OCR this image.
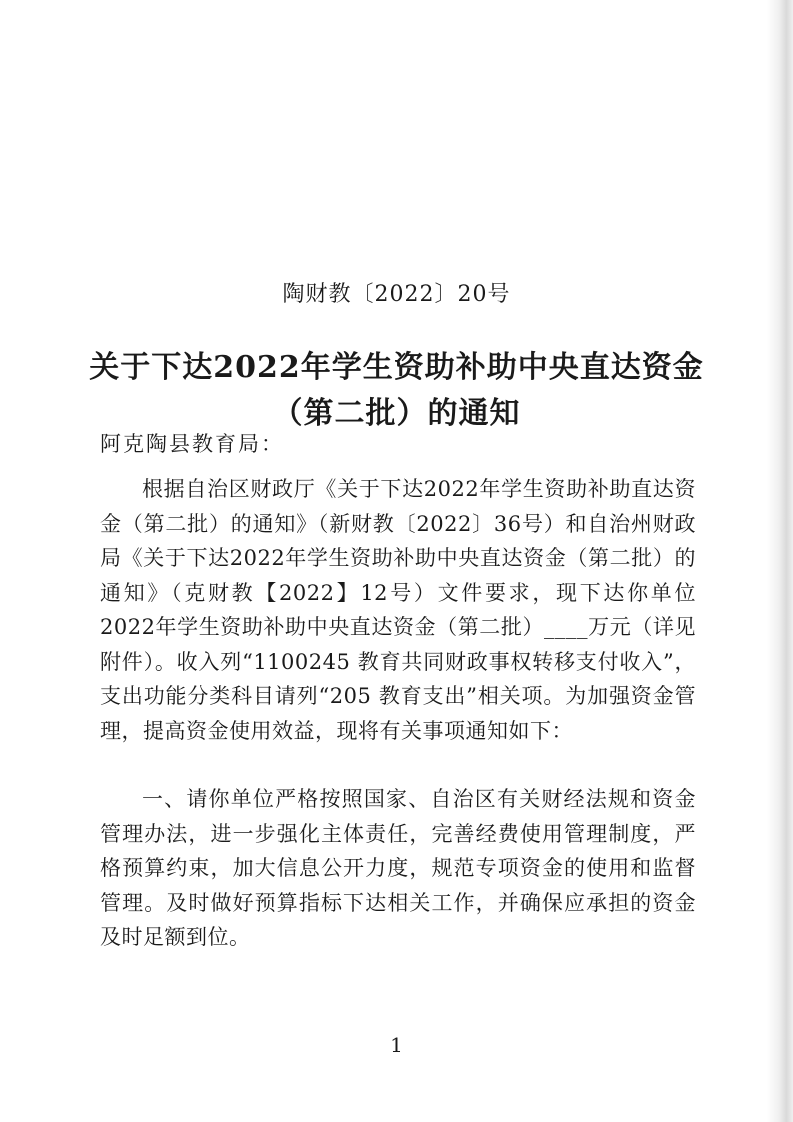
陶财教〔2022〕20号
关于下达2022年学生资助补助中央直达资金
（第二批）的通知
阿克陶县教育局：

根据自治区财政厅《关于下达2022年学生资助补助直达资金（第二批）的通知》（新财教〔2022〕36号）和自治州财政局《关于下达2022年学生资助补助中央直达资金（第二批）的通知》（克财教【2022】12号）文件要求，现下达你单位2022年学生资助补助中央直达资金（第二批）____万元（详见附件）。收入列“1100245 教育共同财政事权转移支付收入”，支出功能分类科目请列“205 教育支出”相关项。为加强资金管理，提高资金使用效益，现将有关事项通知如下：

一、请你单位严格按照国家、自治区有关财经法规和资金管理办法，进一步强化主体责任，完善经费使用管理制度，严格预算约束，加大信息公开力度，规范专项资金的使用和监督管理。及时做好预算指标下达相关工作，并确保应承担的资金及时足额到位。

1
